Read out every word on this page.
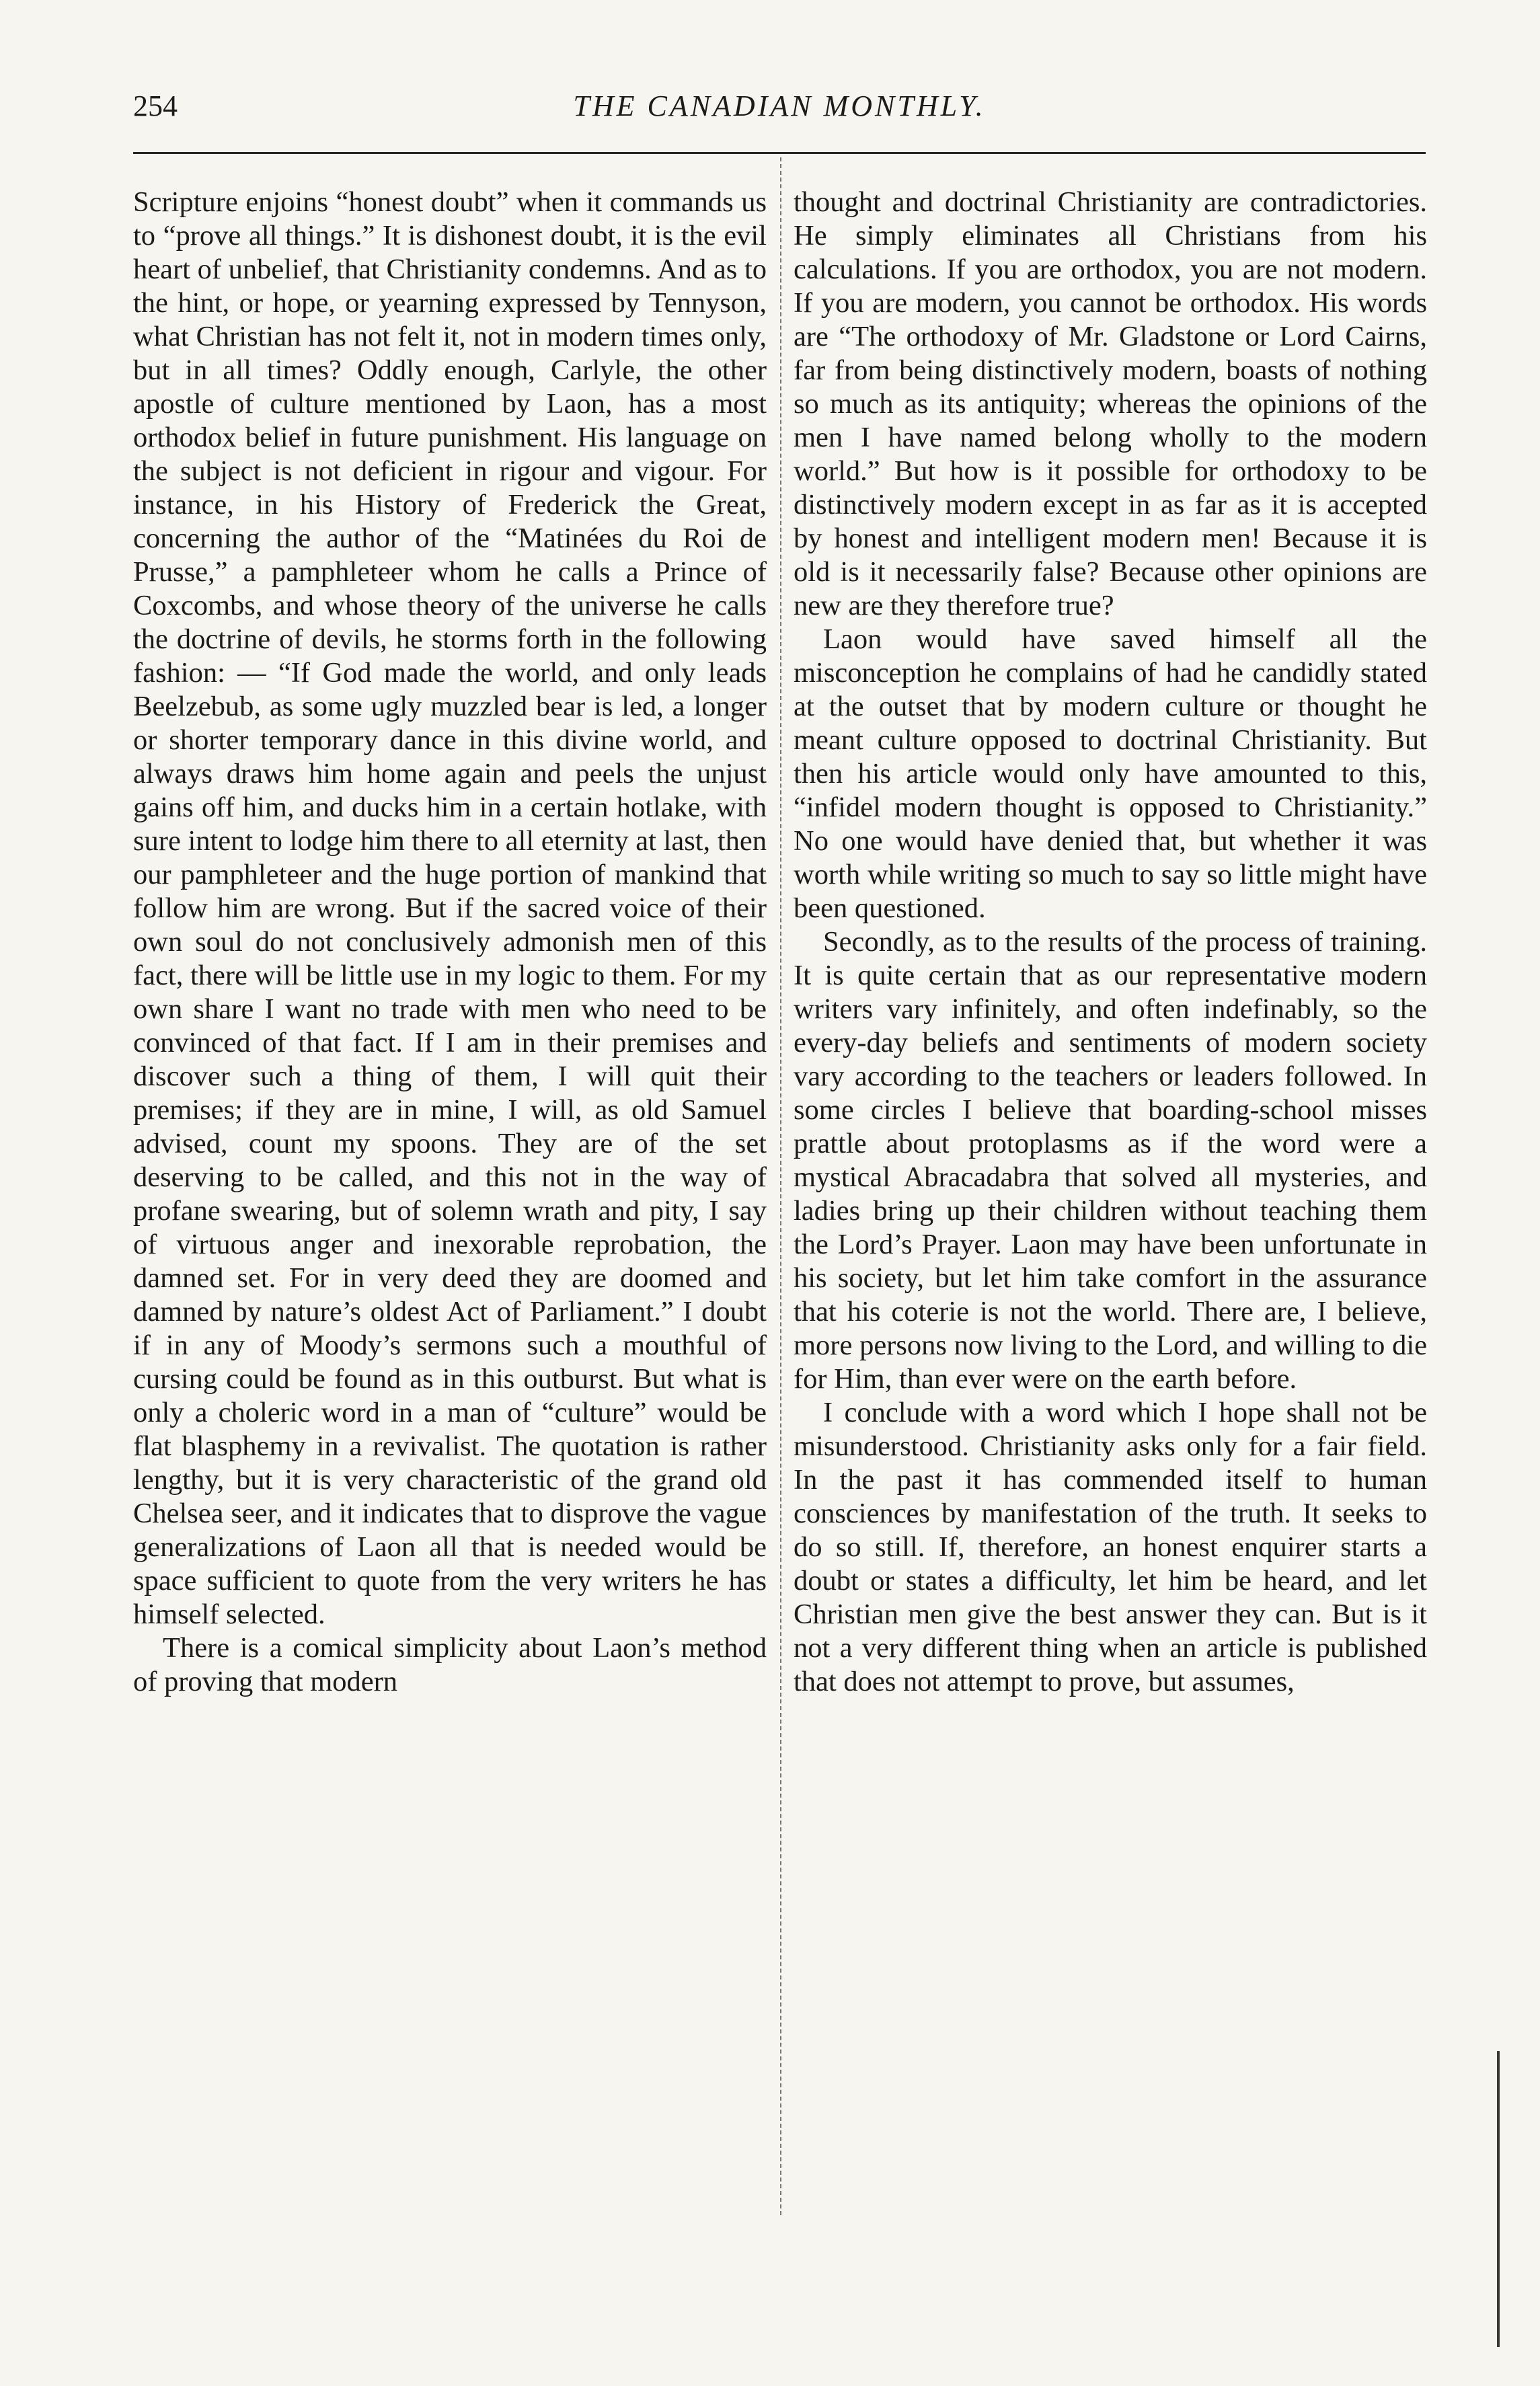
254	THE CANADIAN MONTHLY.

Scripture enjoins “honest doubt” when it commands us to “prove all things.” It is dishonest doubt, it is the evil heart of unbelief, that Christianity condemns. And as to the hint, or hope, or yearning expressed by Tennyson, what Christian has not felt it, not in modern times only, but in all times? Oddly enough, Carlyle, the other apostle of culture mentioned by Laon, has a most orthodox belief in future punishment. His language on the subject is not deficient in rigour and vigour. For instance, in his History of Frederick the Great, concerning the author of the “Matinées du Roi de Prusse,” a pamphleteer whom he calls a Prince of Coxcombs, and whose theory of the universe he calls the doctrine of devils, he storms forth in the following fashion: — “If God made the world, and only leads Beelzebub, as some ugly muzzled bear is led, a longer or shorter temporary dance in this divine world, and always draws him home again and peels the unjust gains off him, and ducks him in a certain hotlake, with sure intent to lodge him there to all eternity at last, then our pamphleteer and the huge portion of mankind that follow him are wrong. But if the sacred voice of their own soul do not conclusively admonish men of this fact, there will be little use in my logic to them. For my own share I want no trade with men who need to be convinced of that fact. If I am in their premises and discover such a thing of them, I will quit their premises; if they are in mine, I will, as old Samuel advised, count my spoons. They are of the set deserving to be called, and this not in the way of profane swearing, but of solemn wrath and pity, I say of virtuous anger and inexorable reprobation, the damned set. For in very deed they are doomed and damned by nature’s oldest Act of Parliament.” I doubt if in any of Moody’s sermons such a mouthful of cursing could be found as in this outburst. But what is only a choleric word in a man of “culture” would be flat blasphemy in a revivalist. The quotation is rather lengthy, but it is very characteristic of the grand old Chelsea seer, and it indicates that to disprove the vague generalizations of Laon all that is needed would be space sufficient to quote from the very writers he has himself selected.

There is a comical simplicity about Laon’s method of proving that modern

thought and doctrinal Christianity are contradictories. He simply eliminates all Christians from his calculations. If you are orthodox, you are not modern. If you are modern, you cannot be orthodox. His words are “The orthodoxy of Mr. Gladstone or Lord Cairns, far from being distinctively modern, boasts of nothing so much as its antiquity; whereas the opinions of the men I have named belong wholly to the modern world.” But how is it possible for orthodoxy to be distinctively modern except in as far as it is accepted by honest and intelligent modern men! Because it is old is it necessarily false? Because other opinions are new are they therefore true?

Laon would have saved himself all the misconception he complains of had he candidly stated at the outset that by modern culture or thought he meant culture opposed to doctrinal Christianity. But then his article would only have amounted to this, “infidel modern thought is opposed to Christianity.” No one would have denied that, but whether it was worth while writing so much to say so little might have been questioned.

Secondly, as to the results of the process of training. It is quite certain that as our representative modern writers vary infinitely, and often indefinably, so the every-day beliefs and sentiments of modern society vary according to the teachers or leaders followed. In some circles I believe that boarding-school misses prattle about protoplasms as if the word were a mystical Abracadabra that solved all mysteries, and ladies bring up their children without teaching them the Lord’s Prayer. Laon may have been unfortunate in his society, but let him take comfort in the assurance that his coterie is not the world. There are, I believe, more persons now living to the Lord, and willing to die for Him, than ever were on the earth before.

I conclude with a word which I hope shall not be misunderstood. Christianity asks only for a fair field. In the past it has commended itself to human consciences by manifestation of the truth. It seeks to do so still. If, therefore, an honest enquirer starts a doubt or states a difficulty, let him be heard, and let Christian men give the best answer they can. But is it not a very different thing when an article is published that does not attempt to prove, but assumes,
